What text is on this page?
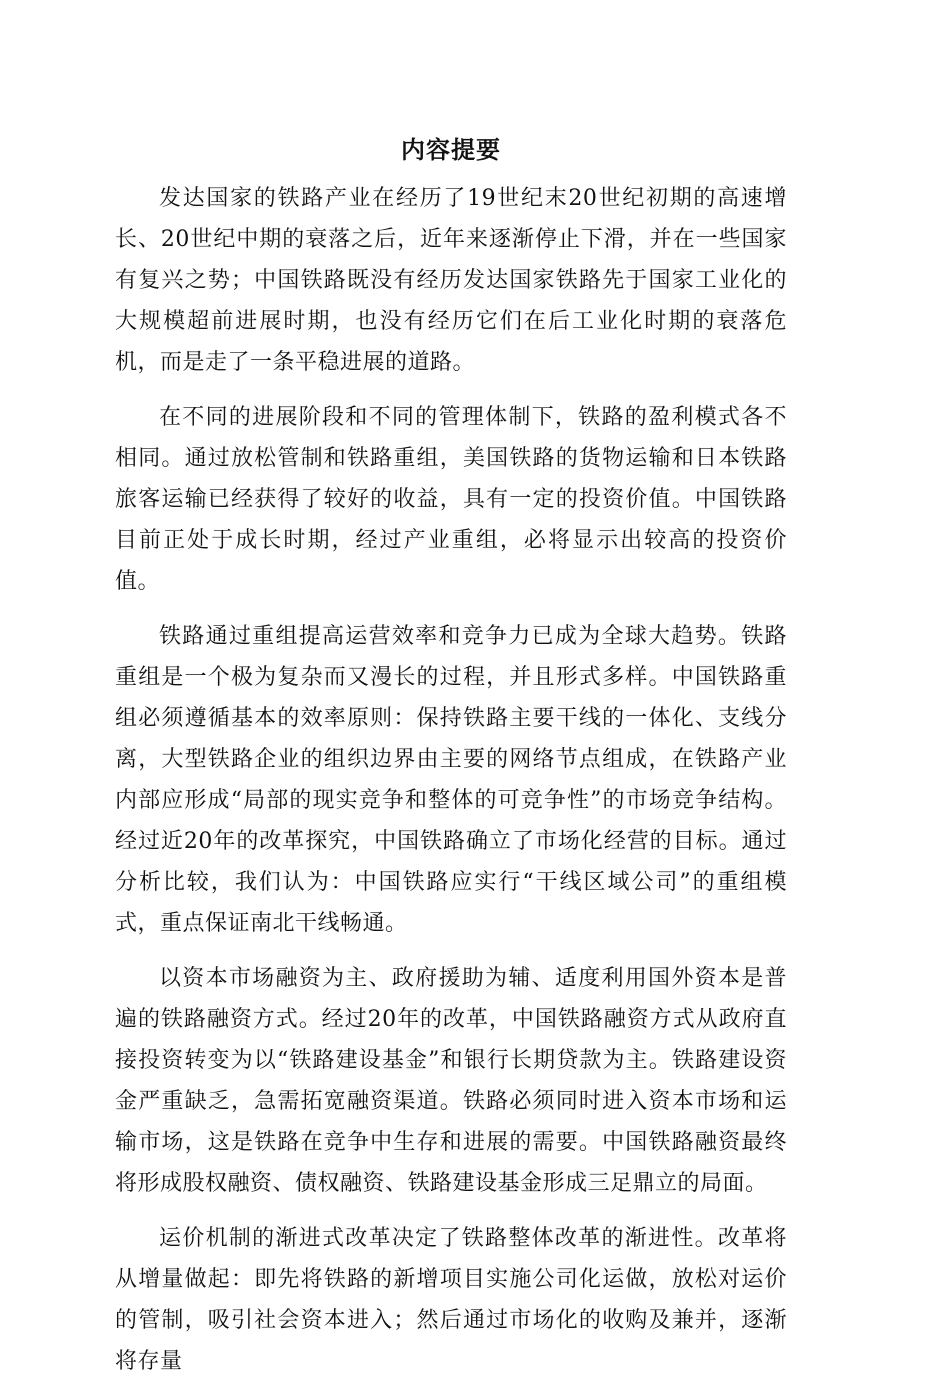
内容提要

发达国家的铁路产业在经历了19世纪末20世纪初期的高速增长、20世纪中期的衰落之后，近年来逐渐停止下滑，并在一些国家有复兴之势；中国铁路既没有经历发达国家铁路先于国家工业化的大规模超前进展时期，也没有经历它们在后工业化时期的衰落危机，而是走了一条平稳进展的道路。

在不同的进展阶段和不同的管理体制下，铁路的盈利模式各不相同。通过放松管制和铁路重组，美国铁路的货物运输和日本铁路旅客运输已经获得了较好的收益，具有一定的投资价值。中国铁路目前正处于成长时期，经过产业重组，必将显示出较高的投资价值。

铁路通过重组提高运营效率和竞争力已成为全球大趋势。铁路重组是一个极为复杂而又漫长的过程，并且形式多样。中国铁路重组必须遵循基本的效率原则：保持铁路主要干线的一体化、支线分离，大型铁路企业的组织边界由主要的网络节点组成，在铁路产业内部应形成“局部的现实竞争和整体的可竞争性”的市场竞争结构。经过近20年的改革探究，中国铁路确立了市场化经营的目标。通过分析比较，我们认为：中国铁路应实行“干线区域公司”的重组模式，重点保证南北干线畅通。

以资本市场融资为主、政府援助为辅、适度利用国外资本是普遍的铁路融资方式。经过20年的改革，中国铁路融资方式从政府直接投资转变为以“铁路建设基金”和银行长期贷款为主。铁路建设资金严重缺乏，急需拓宽融资渠道。铁路必须同时进入资本市场和运输市场，这是铁路在竞争中生存和进展的需要。中国铁路融资最终将形成股权融资、债权融资、铁路建设基金形成三足鼎立的局面。

运价机制的渐进式改革决定了铁路整体改革的渐进性。改革将从增量做起：即先将铁路的新增项目实施公司化运做，放松对运价的管制，吸引社会资本进入；然后通过市场化的收购及兼并，逐渐将存量
